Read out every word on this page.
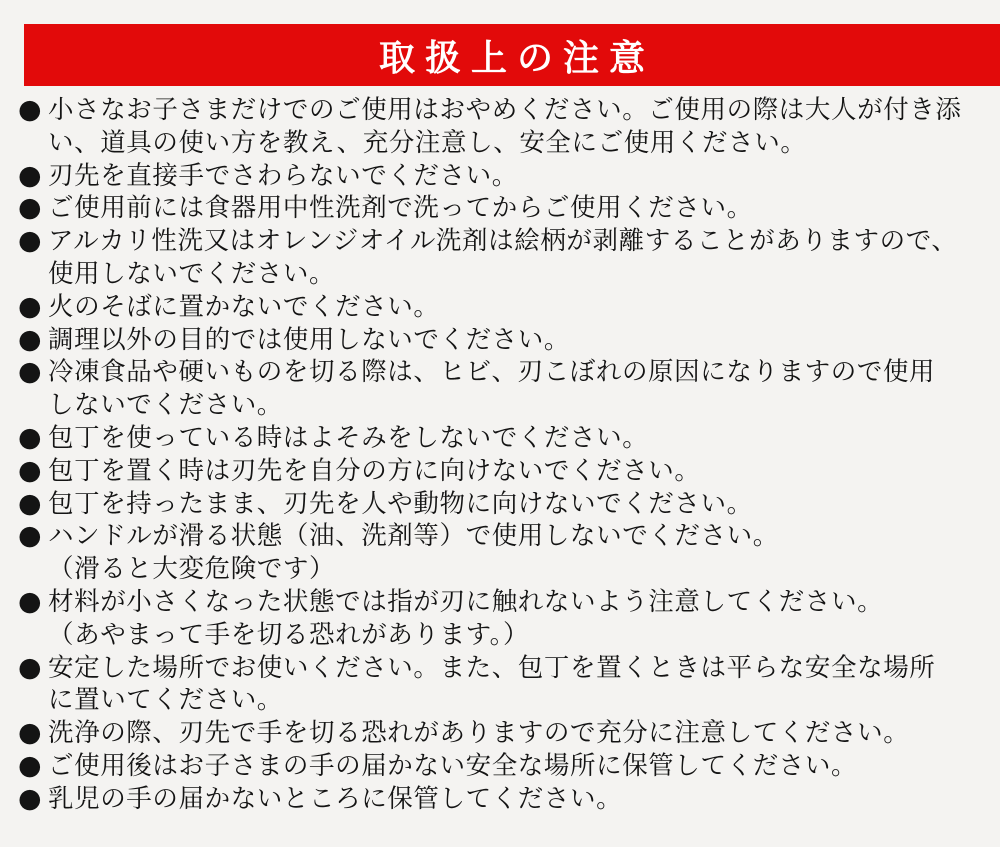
取扱上の注意
● 小さなお子さまだけでのご使用はおやめください。ご使用の際は大人が付き添
い、道具の使い方を教え、充分注意し、安全にご使用ください。
● 刃先を直接手でさわらないでください。
● ご使用前には食器用中性洗剤で洗ってからご使用ください。
● アルカリ性洗又はオレンジオイル洗剤は絵柄が剥離することがありますので、
使用しないでください。
● 火のそばに置かないでください。
● 調理以外の目的では使用しないでください。
● 冷凍食品や硬いものを切る際は、ヒビ、刃こぼれの原因になりますので使用
しないでください。
● 包丁を使っている時はよそみをしないでください。
● 包丁を置く時は刃先を自分の方に向けないでください。
● 包丁を持ったまま、刃先を人や動物に向けないでください。
● ハンドルが滑る状態（油、洗剤等）で使用しないでください。
（滑ると大変危険です）
● 材料が小さくなった状態では指が刃に触れないよう注意してください。
（あやまって手を切る恐れがあります。）
● 安定した場所でお使いください。また、包丁を置くときは平らな安全な場所
に置いてください。
● 洗浄の際、刃先で手を切る恐れがありますので充分に注意してください。
● ご使用後はお子さまの手の届かない安全な場所に保管してください。
● 乳児の手の届かないところに保管してください。
